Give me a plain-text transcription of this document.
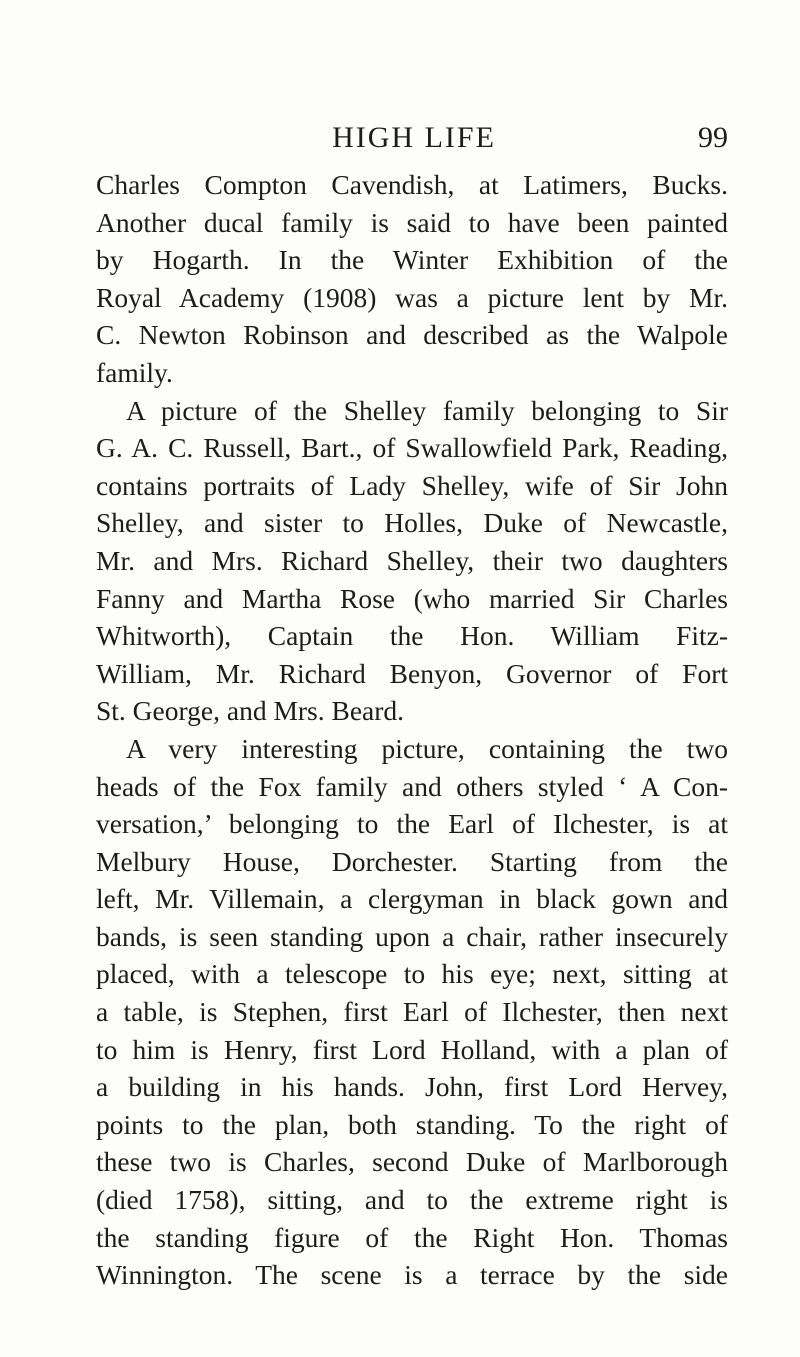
HIGH LIFE	99
Charles Compton Cavendish, at Latimers, Bucks.
Another ducal family is said to have been painted
by Hogarth. In the Winter Exhibition of the
Royal Academy (1908) was a picture lent by Mr.
C. Newton Robinson and described as the Walpole
family.
A picture of the Shelley family belonging to Sir
G. A. C. Russell, Bart., of Swallowfield Park, Reading,
contains portraits of Lady Shelley, wife of Sir John
Shelley, and sister to Holles, Duke of Newcastle,
Mr. and Mrs. Richard Shelley, their two daughters
Fanny and Martha Rose (who married Sir Charles
Whitworth), Captain the Hon. William Fitz-
William, Mr. Richard Benyon, Governor of Fort
St. George, and Mrs. Beard.
A very interesting picture, containing the two
heads of the Fox family and others styled ‘ A Con-
versation,’ belonging to the Earl of Ilchester, is at
Melbury House, Dorchester. Starting from the
left, Mr. Villemain, a clergyman in black gown and
bands, is seen standing upon a chair, rather insecurely
placed, with a telescope to his eye; next, sitting at
a table, is Stephen, first Earl of Ilchester, then next
to him is Henry, first Lord Holland, with a plan of
a building in his hands. John, first Lord Hervey,
points to the plan, both standing. To the right of
these two is Charles, second Duke of Marlborough
(died 1758), sitting, and to the extreme right is
the standing figure of the Right Hon. Thomas
Winnington. The scene is a terrace by the side
